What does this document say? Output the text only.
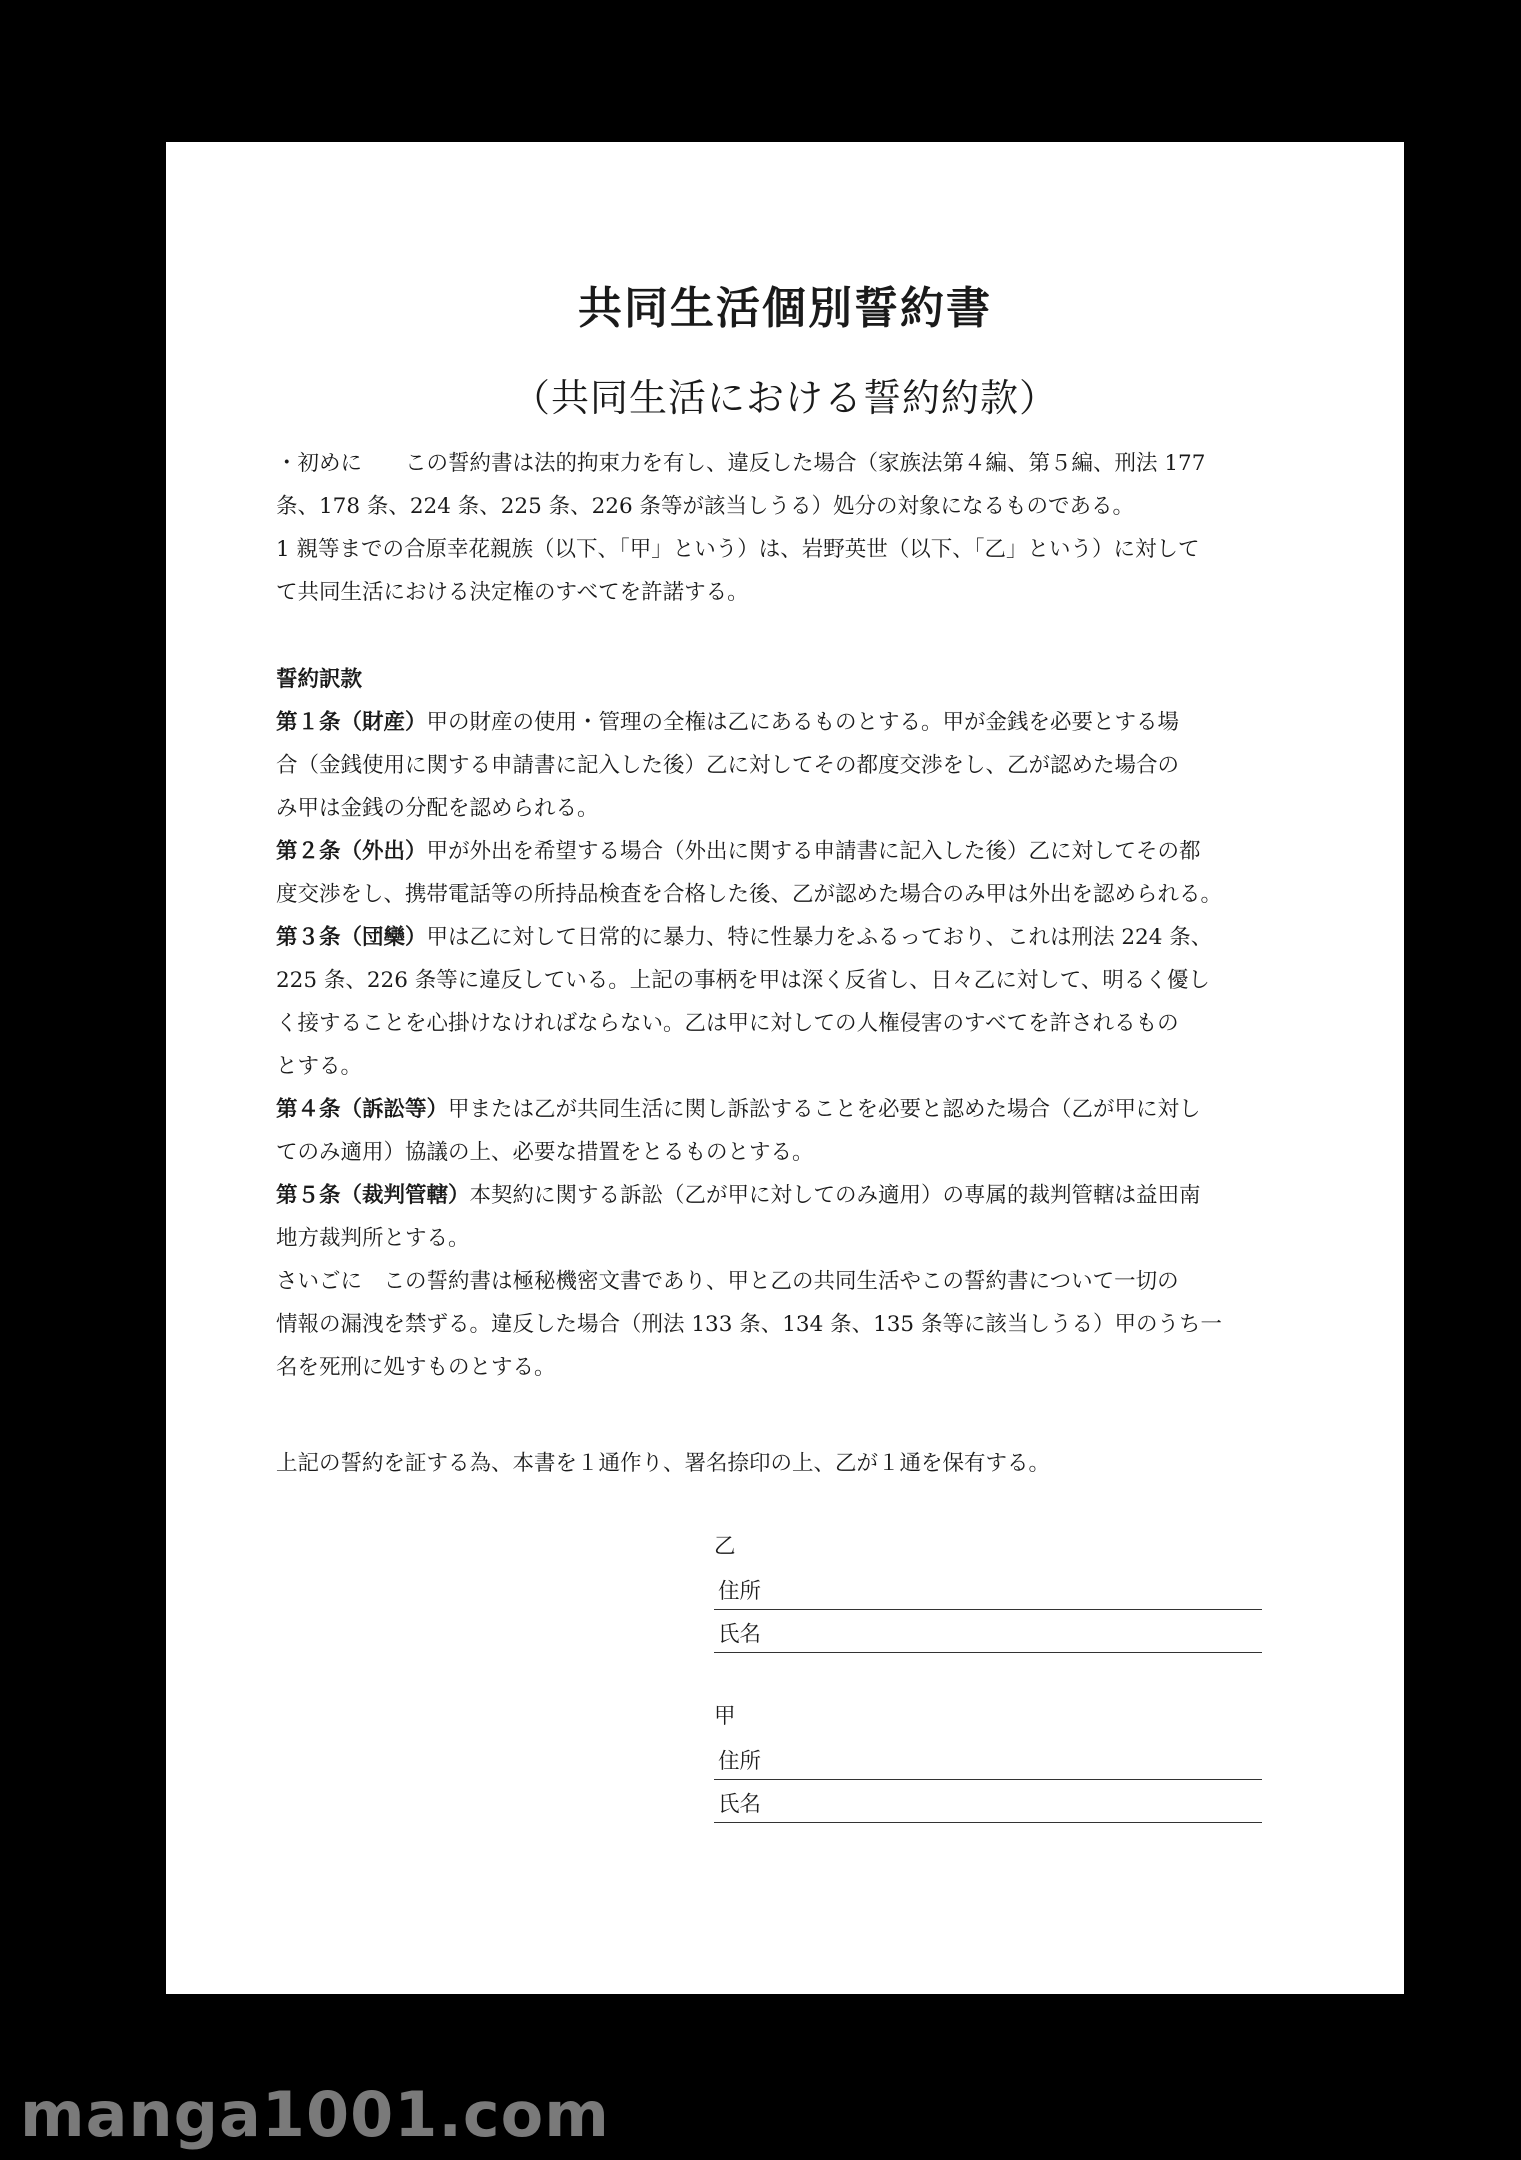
共同生活個別誓約書
（共同生活における誓約約款）
・初めに　　この誓約書は法的拘束力を有し、違反した場合（家族法第４編、第５編、刑法 177
条、178 条、224 条、225 条、226 条等が該当しうる）処分の対象になるものである。
1 親等までの合原幸花親族（以下、「甲」という）は、岩野英世（以下、「乙」という）に対して
て共同生活における決定権のすべてを許諾する。
誓約訳款
第１条（財産）甲の財産の使用・管理の全権は乙にあるものとする。甲が金銭を必要とする場
合（金銭使用に関する申請書に記入した後）乙に対してその都度交渉をし、乙が認めた場合の
み甲は金銭の分配を認められる。
第２条（外出）甲が外出を希望する場合（外出に関する申請書に記入した後）乙に対してその都
度交渉をし、携帯電話等の所持品検査を合格した後、乙が認めた場合のみ甲は外出を認められる。
第３条（団欒）甲は乙に対して日常的に暴力、特に性暴力をふるっており、これは刑法 224 条、
225 条、226 条等に違反している。上記の事柄を甲は深く反省し、日々乙に対して、明るく優し
く接することを心掛けなければならない。乙は甲に対しての人権侵害のすべてを許されるもの
とする。
第４条（訴訟等）甲または乙が共同生活に関し訴訟することを必要と認めた場合（乙が甲に対し
てのみ適用）協議の上、必要な措置をとるものとする。
第５条（裁判管轄）本契約に関する訴訟（乙が甲に対してのみ適用）の専属的裁判管轄は益田南
地方裁判所とする。
さいごに　この誓約書は極秘機密文書であり、甲と乙の共同生活やこの誓約書について一切の
情報の漏洩を禁ずる。違反した場合（刑法 133 条、134 条、135 条等に該当しうる）甲のうち一
名を死刑に処すものとする。
上記の誓約を証する為、本書を１通作り、署名捺印の上、乙が１通を保有する。
乙
住所
氏名
甲
住所
氏名
manga1001.com
